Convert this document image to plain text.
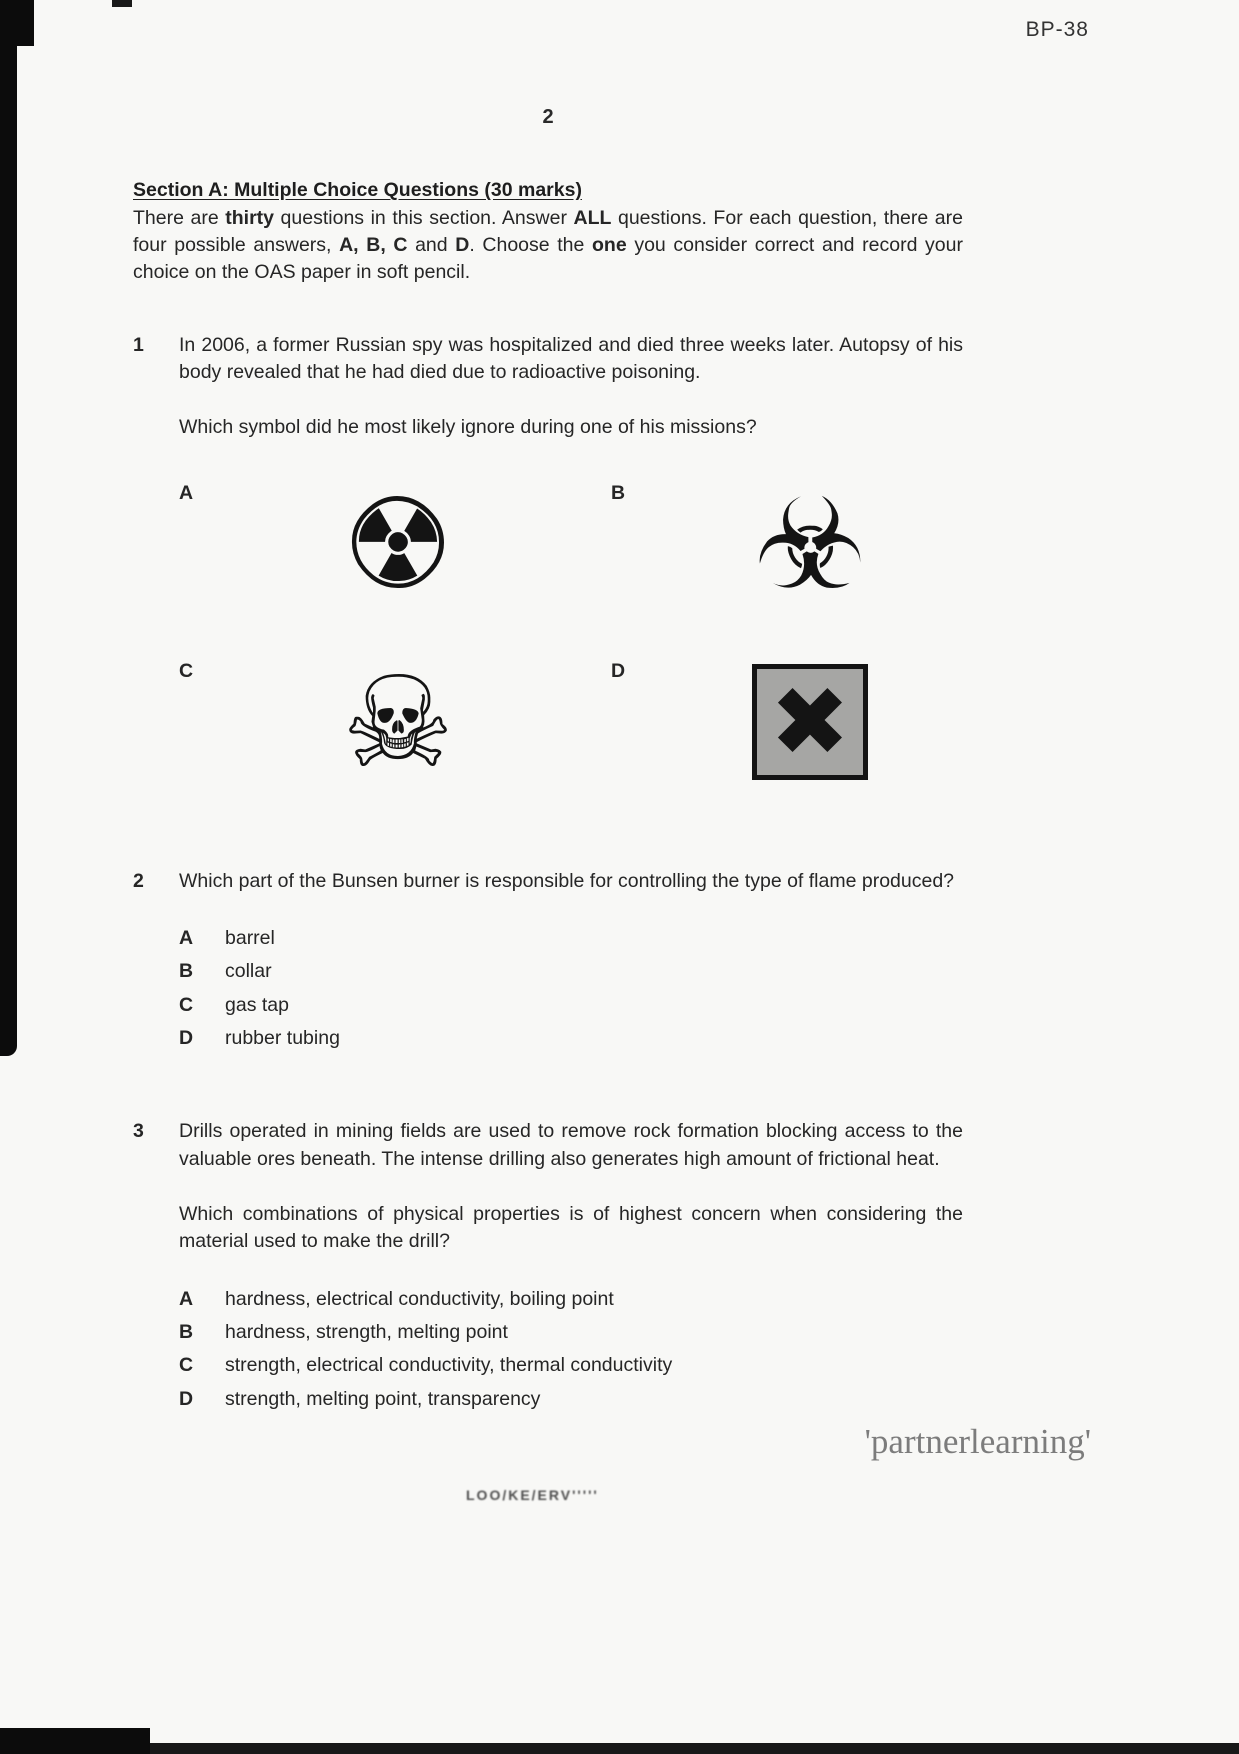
BP-38
2
Section A: Multiple Choice Questions (30 marks)

There are thirty questions in this section. Answer ALL questions. For each question, there are four possible answers, A, B, C and D. Choose the one you consider correct and record your choice on the OAS paper in soft pencil.

1	In 2006, a former Russian spy was hospitalized and died three weeks later. Autopsy of his body revealed that he had died due to radioactive poisoning.

Which symbol did he most likely ignore during one of his missions?

A ☢	B ☣
C ☠	D	✖
2	Which part of the Bunsen burner is responsible for controlling the type of flame produced?

A	barrel
B	collar
C	gas tap
D	rubber tubing
3	Drills operated in mining fields are used to remove rock formation blocking access to the valuable ores beneath. The intense drilling also generates high amount of frictional heat.

Which combinations of physical properties is of highest concern when considering the material used to make the drill?

A	hardness, electrical conductivity, boiling point
B	hardness, strength, melting point
C	strength, electrical conductivity, thermal conductivity
D	strength, melting point, transparency
'partnerlearning'
LOO/KE/ERV'''''
